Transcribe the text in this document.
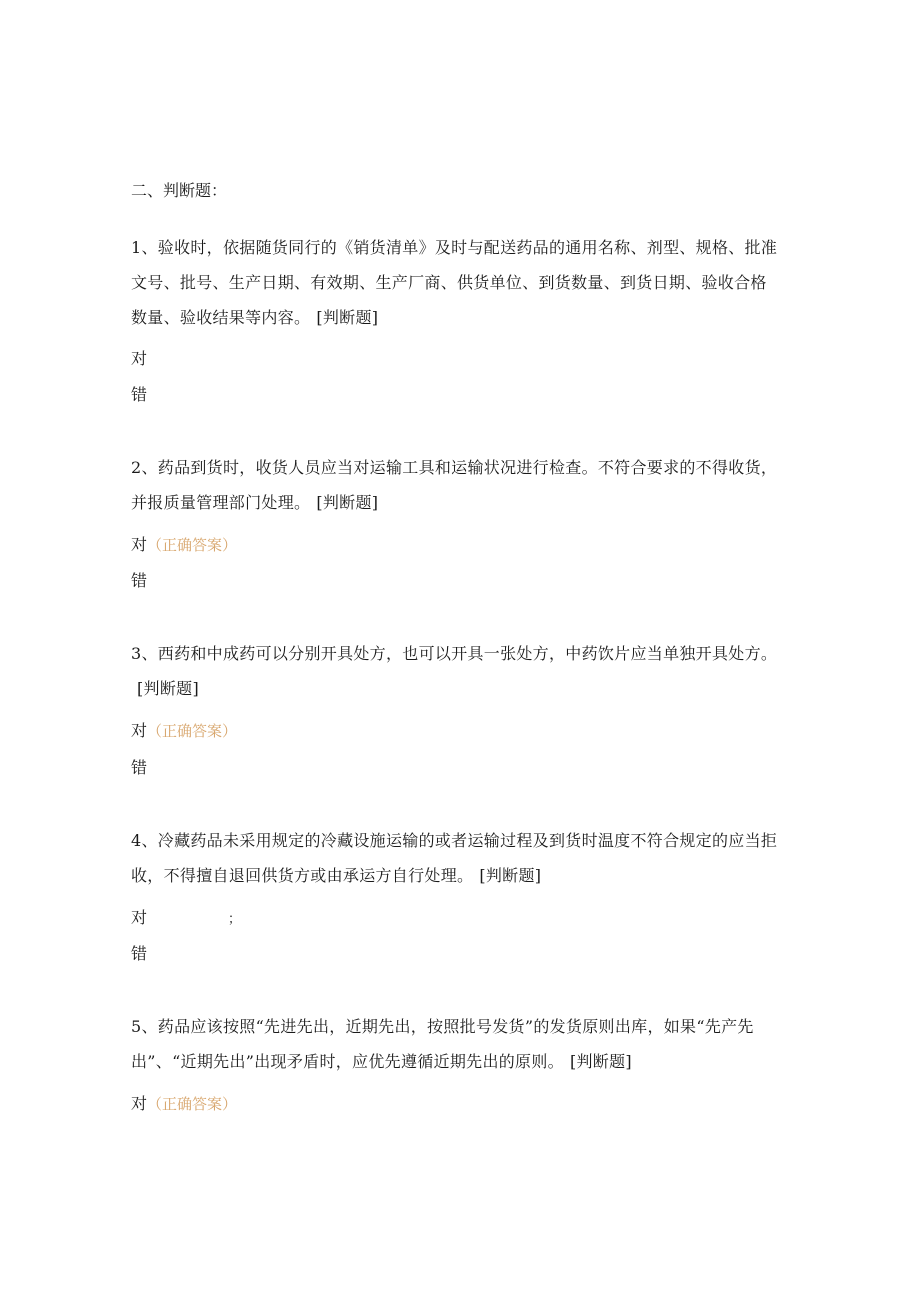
二、判断题：

1、验收时，依据随货同行的《销货清单》及时与配送药品的通用名称、剂型、规格、批准文号、批号、生产日期、有效期、生产厂商、供货单位、到货数量、到货日期、验收合格数量、验收结果等内容。 [判断题]

对
错

2、药品到货时，收货人员应当对运输工具和运输状况进行检查。不符合要求的不得收货，并报质量管理部门处理。 [判断题]

对（正确答案）
错

3、西药和中成药可以分别开具处方，也可以开具一张处方，中药饮片应当单独开具处方。[判断题]

对（正确答案）
错

4、冷藏药品未采用规定的冷藏设施运输的或者运输过程及到货时温度不符合规定的应当拒收，不得擅自退回供货方或由承运方自行处理。 [判断题]

对	；
错

5、药品应该按照“先进先出，近期先出，按照批号发货”的发货原则出库，如果“先产先出”、“近期先出”出现矛盾时，应优先遵循近期先出的原则。 [判断题]

对（正确答案）
